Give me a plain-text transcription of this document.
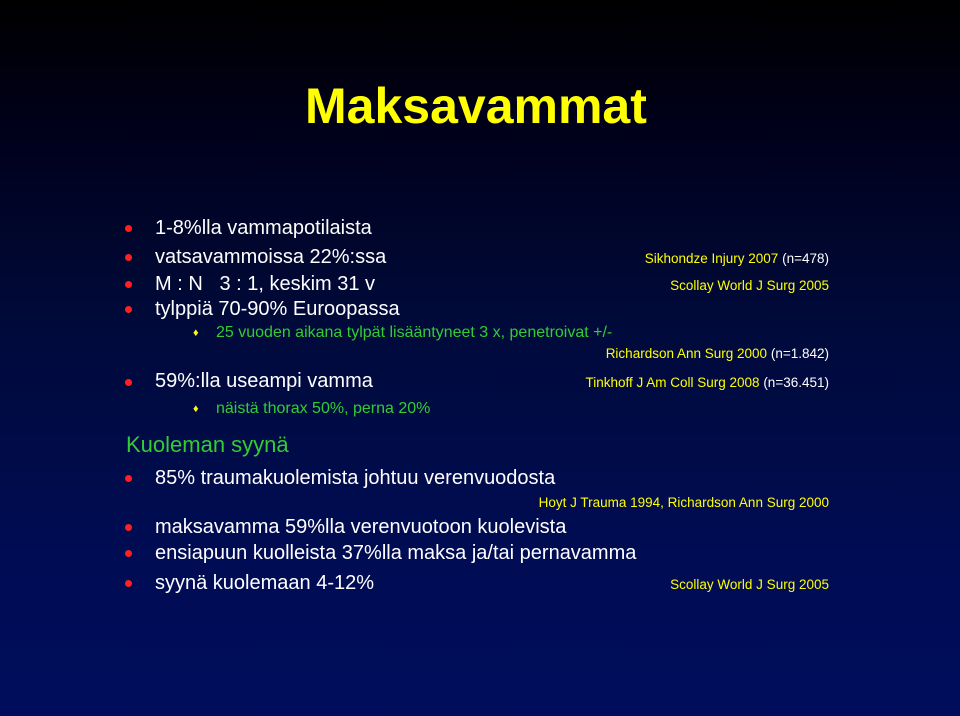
Maksavammat
1-8%lla vammapotilaista
vatsavammoissa 22%:ssa	Sikhondze Injury 2007 (n=478)
M : N   3 : 1, keskim 31 v	Scollay World J Surg 2005
tylppiä 70-90% Euroopassa
♦ 25 vuoden aikana tylpät lisääntyneet 3 x, penetroivat +/-
Richardson Ann Surg 2000 (n=1.842)
59%:lla useampi vamma	Tinkhoff J Am Coll Surg 2008 (n=36.451)
♦ näistä thorax 50%, perna 20%
Kuoleman syynä
85% traumakuolemista johtuu verenvuodosta
Hoyt J Trauma 1994, Richardson Ann Surg 2000
maksavamma 59%lla verenvuotoon kuolevista
ensiapuun kuolleista 37%lla maksa ja/tai pernavamma
syynä kuolemaan 4-12%	Scollay World J Surg 2005
